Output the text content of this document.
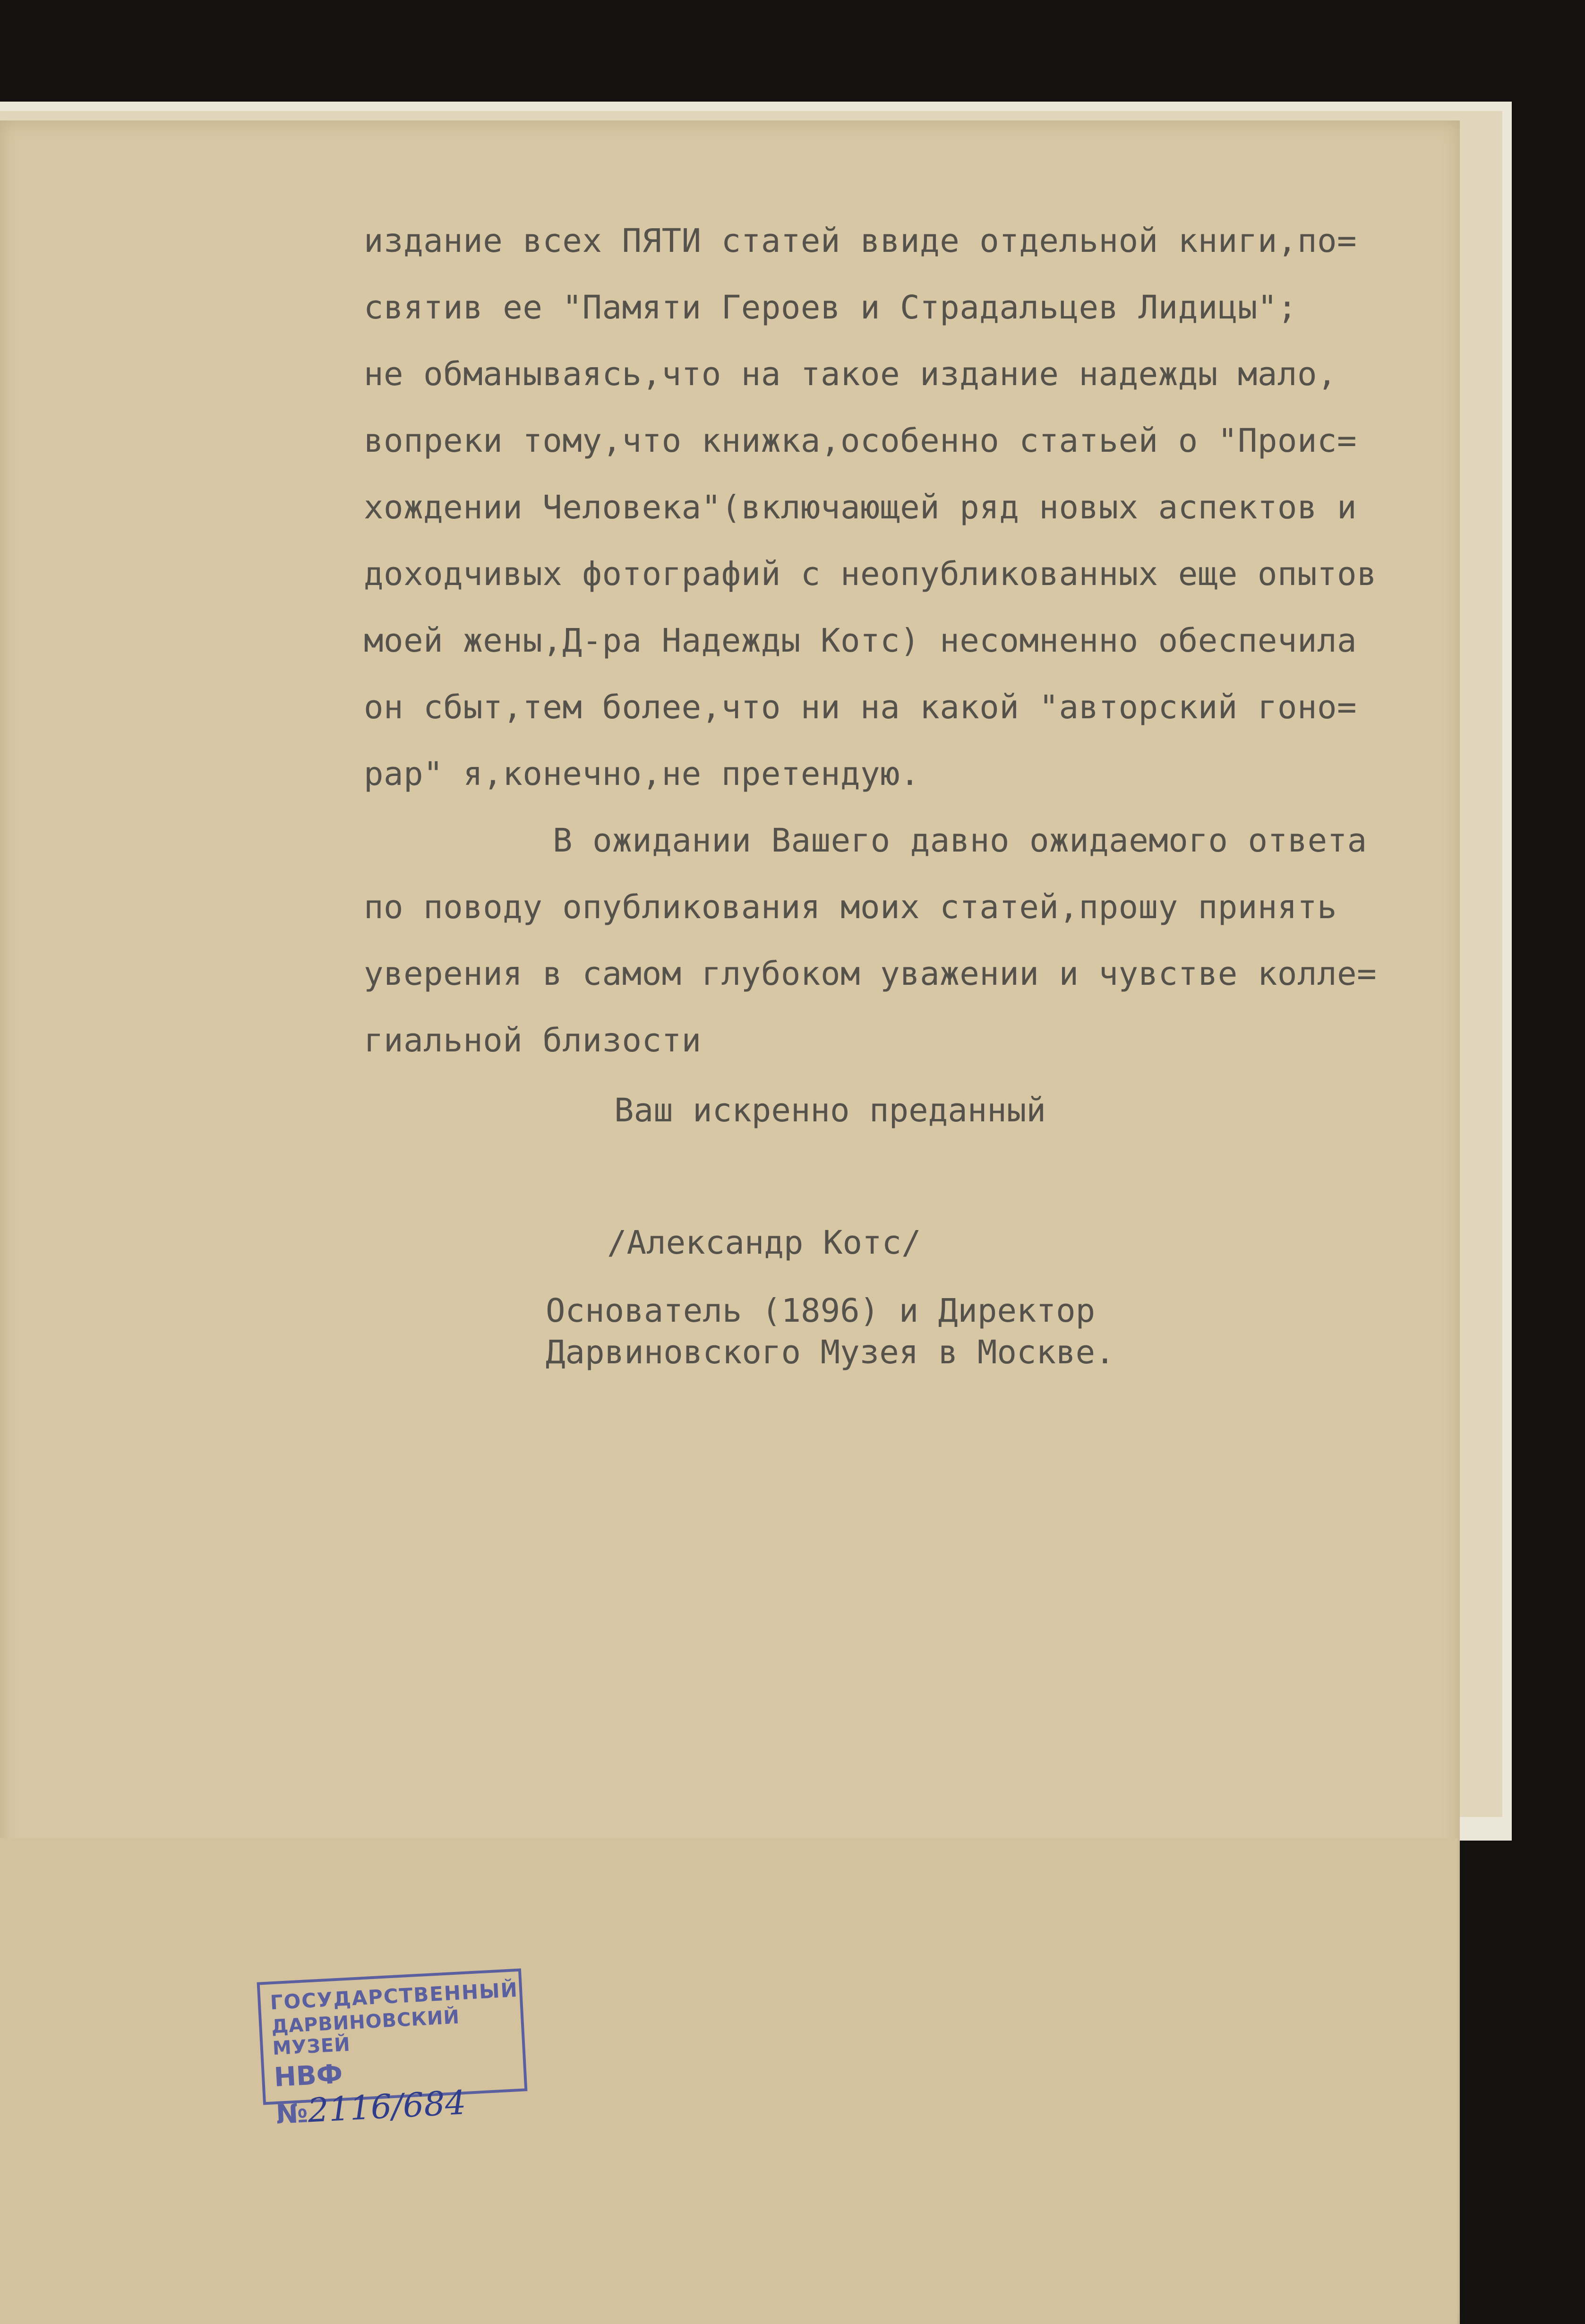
издание всех ПЯТИ статей ввиде отдельной книги,по=
святив ее "Памяти Героев и Страдальцев Лидицы";
не обманываясь,что на такое издание надежды мало,
вопреки тому,что книжка,особенно статьей о "Проис=
хождении Человека"(включающей ряд новых аспектов и
доходчивых фотографий с неопубликованных еще опытов
моей жены,Д-ра Надежды Котс) несомненно обеспечила
он сбыт,тем более,что ни на какой "авторский гоно=
рар" я,конечно,не претендую.
В ожидании Вашего давно ожидаемого ответа
по поводу опубликования моих статей,прошу принять
уверения в самом глубоком уважении и чувстве колле=
гиальной близости
Ваш искренно преданный
/Александр Котс/
Основатель (1896) и Директор
Дарвиновского Музея в Москве.
ГОСУДАРСТВЕННЫЙ
ДАРВИНОВСКИЙ МУЗЕЙ
НВФ №2116/684
